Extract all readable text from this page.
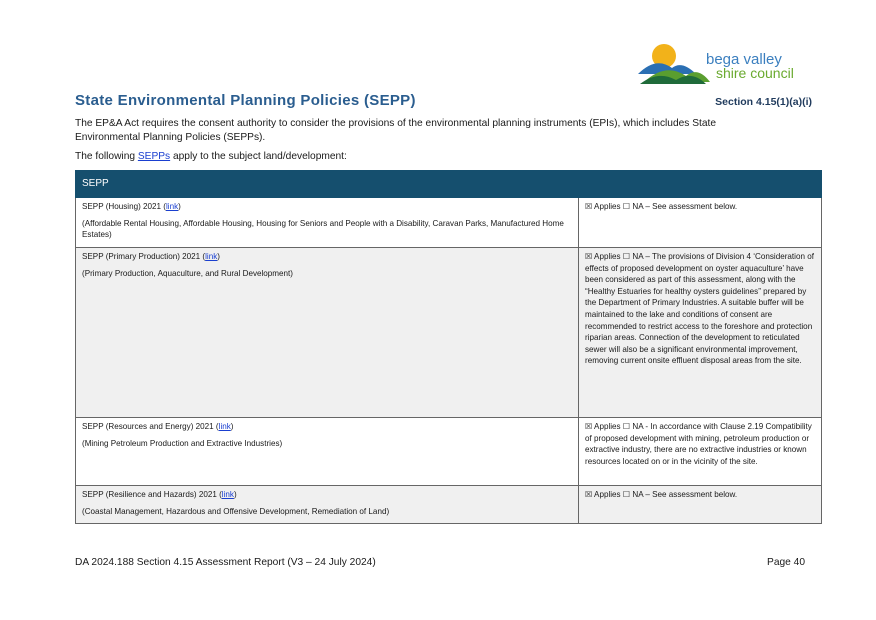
bega valley
shire council
Section 4.15(1)(a)(i)
State Environmental Planning Policies (SEPP)
The EP&A Act requires the consent authority to consider the provisions of the environmental planning instruments (EPIs), which includes State Environmental Planning Policies (SEPPs).
The following SEPPs apply to the subject land/development:
SEPP	

SEPP (Housing) 2021 (link)
(Affordable Rental Housing, Affordable Housing, Housing for Seniors and People with a Disability, Caravan Parks, Manufactured Home Estates)	☒ Applies ☐ NA – See assessment below.

SEPP (Primary Production) 2021 (link)
(Primary Production, Aquaculture, and Rural Development)	☒ Applies ☐ NA – The provisions of Division 4 ‘Consideration of effects of proposed development on oyster aquaculture’ have been considered as part of this assessment, along with the “Healthy Estuaries for healthy oysters guidelines” prepared by the Department of Primary Industries. A suitable buffer will be maintained to the lake and conditions of consent are recommended to restrict access to the foreshore and protection riparian areas. Connection of the development to reticulated sewer will also be a significant environmental improvement, removing current onsite effluent disposal areas from the site.

SEPP (Resources and Energy) 2021 (link)
(Mining Petroleum Production and Extractive Industries)	☒ Applies ☐ NA - In accordance with Clause 2.19 Compatibility of proposed development with mining, petroleum production or extractive industry, there are no extractive industries or known resources located on or in the vicinity of the site.

SEPP (Resilience and Hazards) 2021 (link)
(Coastal Management, Hazardous and Offensive Development, Remediation of Land)	☒ Applies ☐ NA – See assessment below.
DA 2024.188 Section 4.15 Assessment Report (V3 – 24 July 2024)	Page 40
